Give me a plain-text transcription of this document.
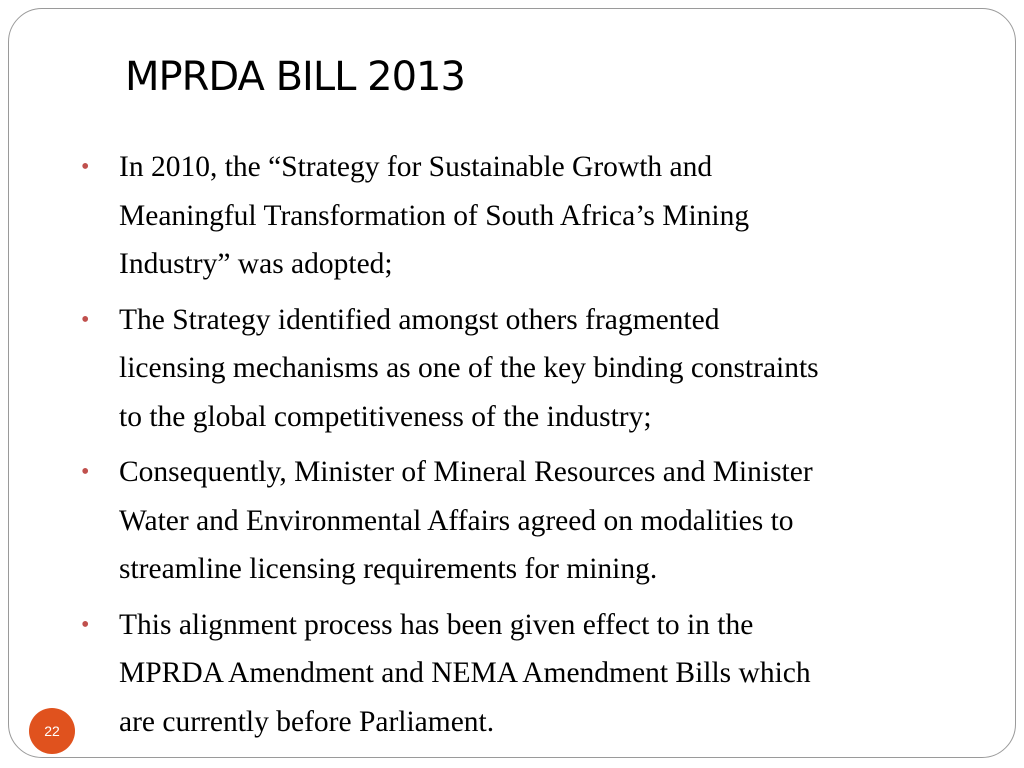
MPRDA BILL 2013
• In 2010, the “Strategy for Sustainable Growth and
Meaningful Transformation of South Africa’s Mining
Industry” was adopted;
• The Strategy identified amongst others fragmented
licensing mechanisms as one of the key binding constraints
to the global competitiveness of the industry;
• Consequently, Minister of Mineral Resources and Minister
Water and Environmental Affairs agreed on modalities to
streamline licensing requirements for mining.
• This alignment process has been given effect to in the
MPRDA Amendment and NEMA Amendment Bills which
are currently before Parliament.
22
